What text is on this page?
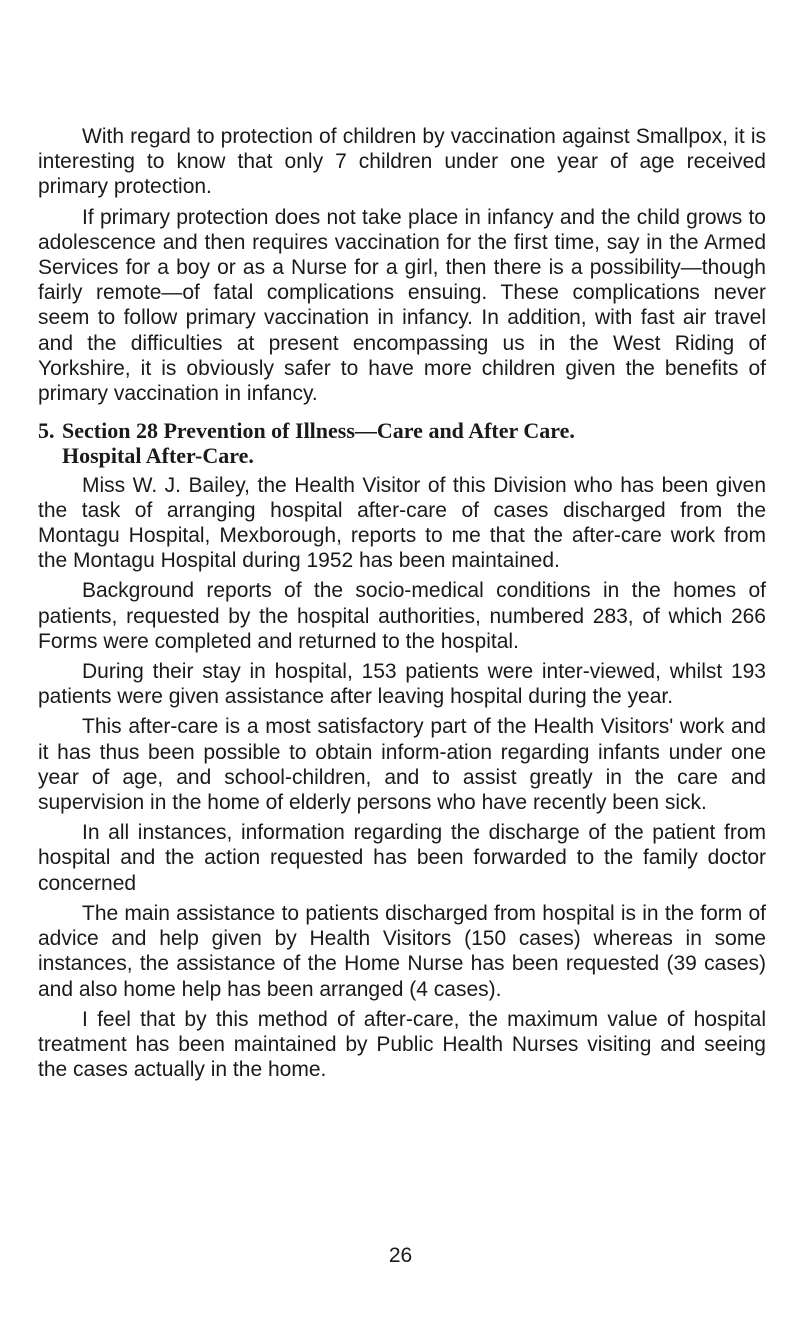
With regard to protection of children by vaccination against Smallpox, it is interesting to know that only 7 children under one year of age received primary protection.

If primary protection does not take place in infancy and the child grows to adolescence and then requires vaccination for the first time, say in the Armed Services for a boy or as a Nurse for a girl, then there is a possibility—though fairly remote—of fatal complications ensuing. These complications never seem to follow primary vaccination in infancy. In addition, with fast air travel and the difficulties at present encompassing us in the West Riding of Yorkshire, it is obviously safer to have more children given the benefits of primary vaccination in infancy.

5. Section 28 Prevention of Illness—Care and After Care.
Hospital After-Care.

Miss W. J. Bailey, the Health Visitor of this Division who has been given the task of arranging hospital after-care of cases discharged from the Montagu Hospital, Mexborough, reports to me that the after-care work from the Montagu Hospital during 1952 has been maintained.

Background reports of the socio-medical conditions in the homes of patients, requested by the hospital authorities, numbered 283, of which 266 Forms were completed and returned to the hospital.

During their stay in hospital, 153 patients were inter-viewed, whilst 193 patients were given assistance after leaving hospital during the year.

This after-care is a most satisfactory part of the Health Visitors' work and it has thus been possible to obtain inform-ation regarding infants under one year of age, and school-children, and to assist greatly in the care and supervision in the home of elderly persons who have recently been sick.

In all instances, information regarding the discharge of the patient from hospital and the action requested has been forwarded to the family doctor concerned

The main assistance to patients discharged from hospital is in the form of advice and help given by Health Visitors (150 cases) whereas in some instances, the assistance of the Home Nurse has been requested (39 cases) and also home help has been arranged (4 cases).

I feel that by this method of after-care, the maximum value of hospital treatment has been maintained by Public Health Nurses visiting and seeing the cases actually in the home.

26
